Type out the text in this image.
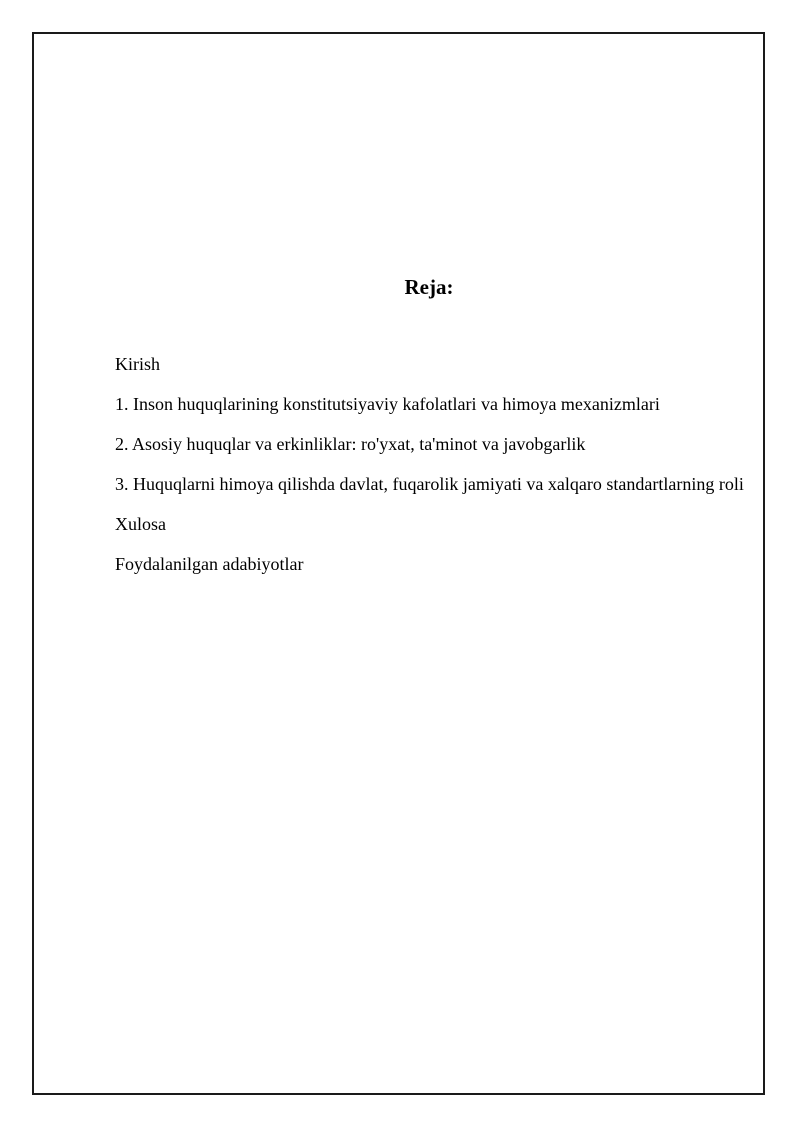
Reja:
Kirish
1. Inson huquqlarining konstitutsiyaviy kafolatlari va himoya mexanizmlari
2. Asosiy huquqlar va erkinliklar: ro'yxat, ta'minot va javobgarlik
3. Huquqlarni himoya qilishda davlat, fuqarolik jamiyati va xalqaro standartlarning roli
Xulosa
Foydalanilgan adabiyotlar
